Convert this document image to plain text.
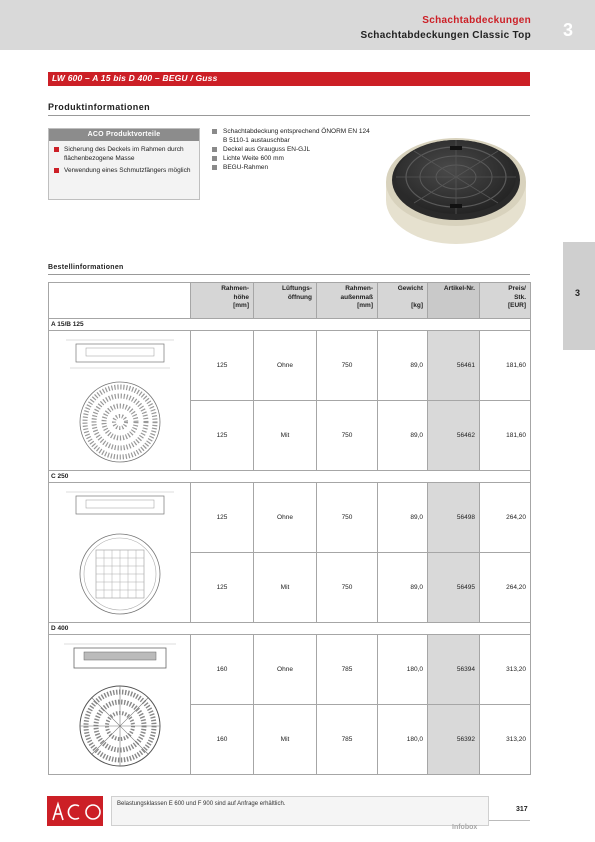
Schachtabdeckungen
Schachtabdeckungen Classic Top 3
3
LW 600 – A 15 bis D 400 – BEGU / Guss
Produktinformationen
ACO Produktvorteile
Sicherung des Deckels im Rahmen durch flächenbezogene Masse
Verwendung eines Schmutzfängers möglich
Schachtabdeckung entsprechend ÖNORM EN 124 B 5110-1 austauschbar
Deckel aus Grauguss EN-GJL
Lichte Weite 600 mm
BEGU-Rahmen
Bestellinformationen
	Rahmen-
höhe
[mm]	Lüftungs-
öffnung	Rahmen-
außenmaß
[mm]	Gewicht

[kg]	Artikel-Nr.	Preis/
Stk.
[EUR]
A 15/B 125						

	125	Ohne	750	89,0	56461	181,60
	125	Mit	750	89,0	56462	181,60
C 250						

	125	Ohne	750	89,0	56498	264,20
	125	Mit	750	89,0	56495	264,20
D 400						

	160	Ohne	785	180,0	56394	313,20
	160	Mit	785	180,0	56392	313,20
Belastungsklassen E 600 und F 900 sind auf Anfrage erhältlich.
Infobox
317
